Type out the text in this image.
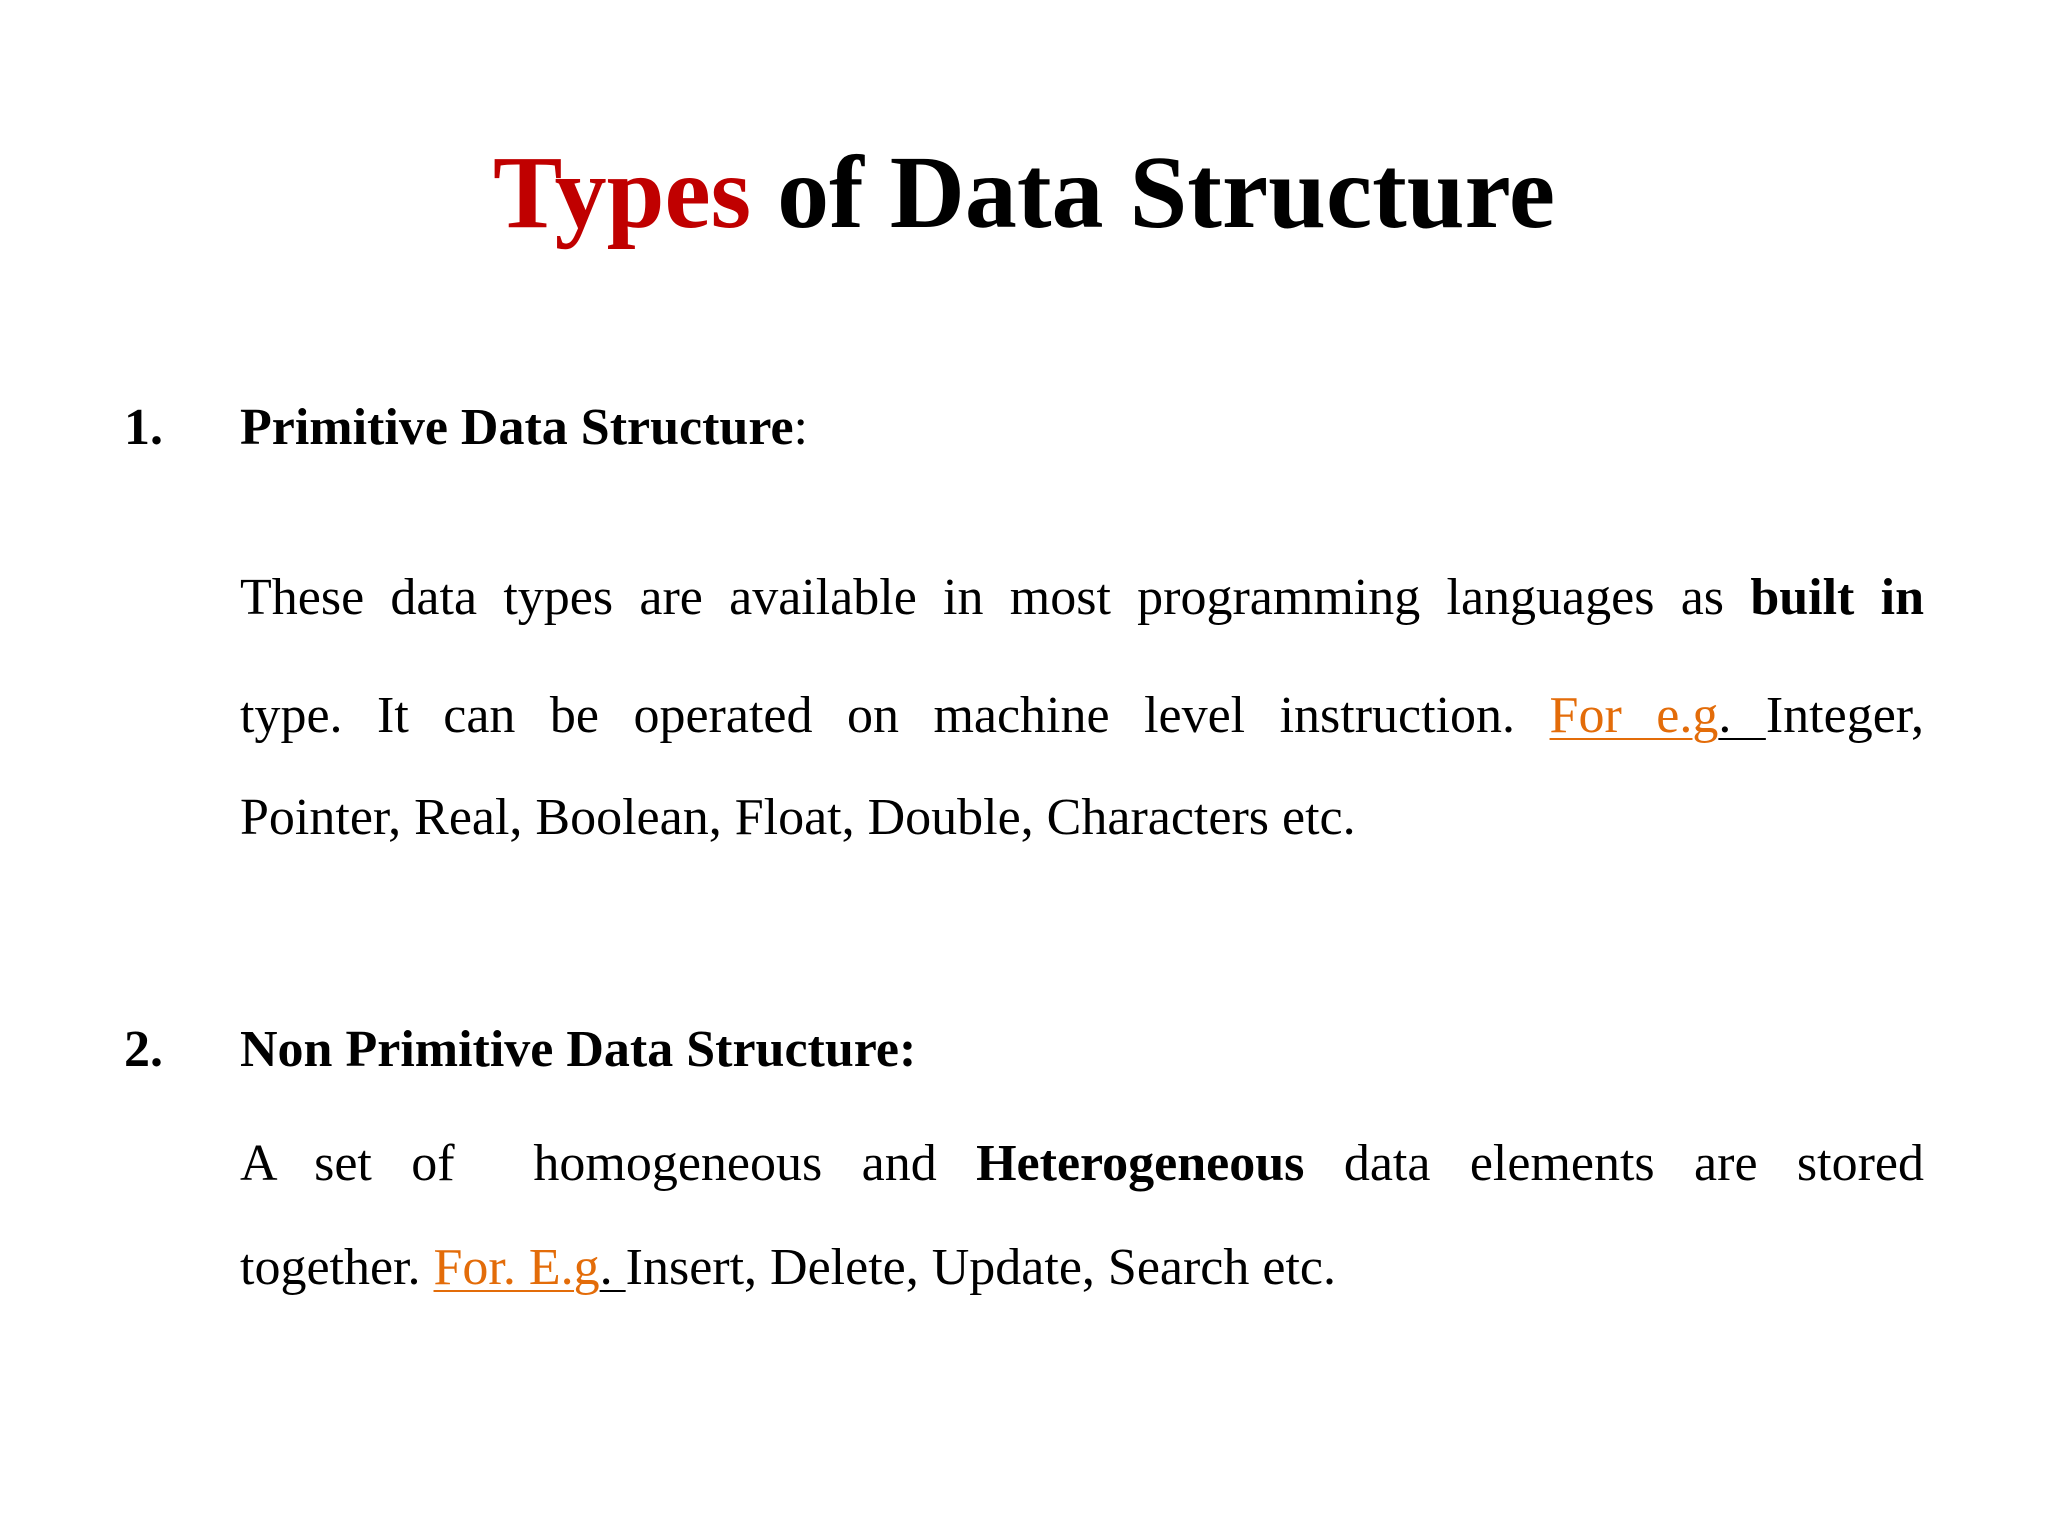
Types of Data Structure
1. Primitive Data Structure:
These data types are available in most programming languages as built in
type. It can be operated on machine level instruction. For e.g. Integer,
Pointer, Real, Boolean, Float, Double, Characters etc.
2. Non Primitive Data Structure:
A set of  homogeneous and Heterogeneous data elements are stored
together. For. E.g. Insert, Delete, Update, Search etc.
